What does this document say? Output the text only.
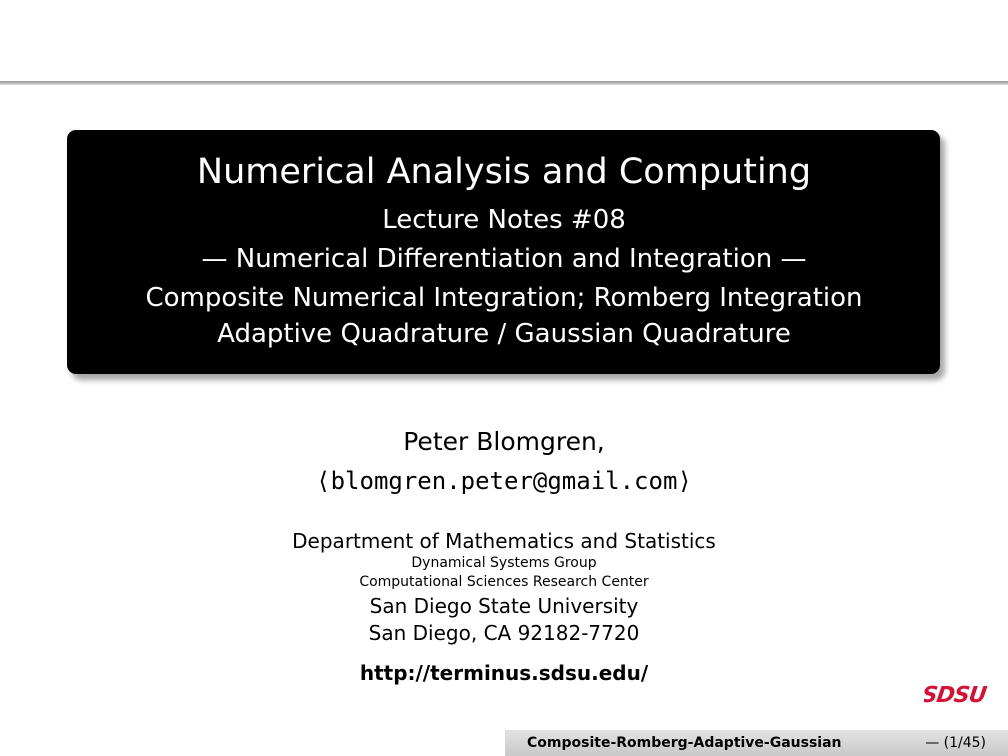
Numerical Analysis and Computing
Lecture Notes #08
— Numerical Differentiation and Integration —
Composite Numerical Integration; Romberg Integration
Adaptive Quadrature / Gaussian Quadrature
Peter Blomgren,
⟨blomgren.peter@gmail.com⟩
Department of Mathematics and Statistics
Dynamical Systems Group
Computational Sciences Research Center
San Diego State University
San Diego, CA 92182-7720
http://terminus.sdsu.edu/
SDSU
Composite-Romberg-Adaptive-Gaussian	— (1/45)
